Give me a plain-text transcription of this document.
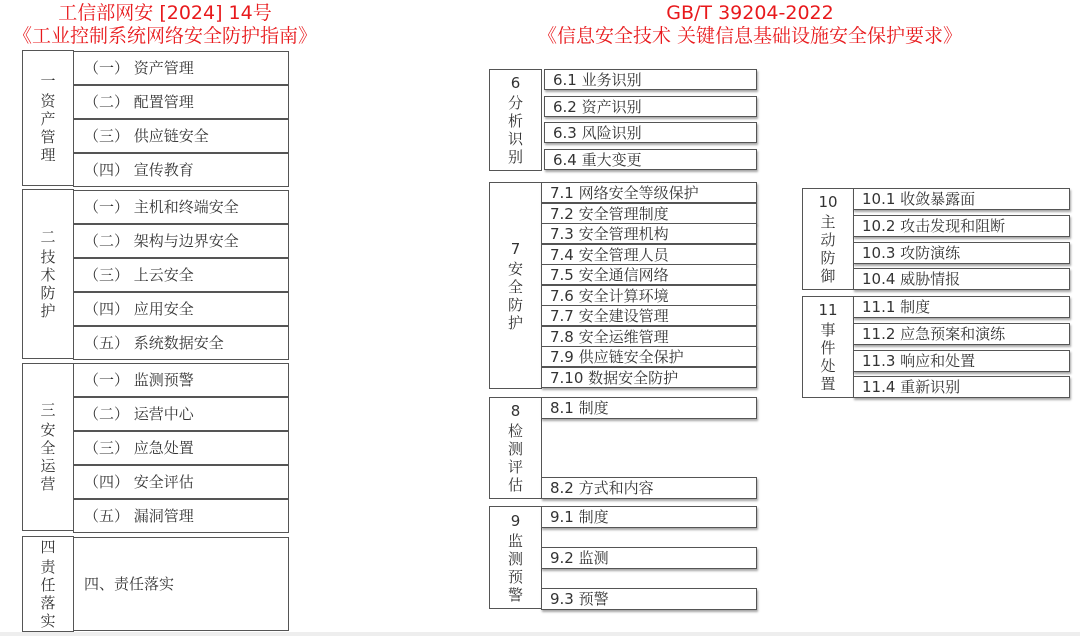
工信部网安 [2024] 14号
《工业控制系统网络安全防护指南》
GB/T 39204-2022
《信息安全技术 关键信息基础设施安全保护要求》
一
资
产
管
理
（一） 资产管理
（二） 配置管理
（三） 供应链安全
（四） 宣传教育
二
技
术
防
护
（一） 主机和终端安全
（二） 架构与边界安全
（三） 上云安全
（四） 应用安全
（五） 系统数据安全
三
安
全
运
营
（一） 监测预警
（二） 运营中心
（三） 应急处置
（四） 安全评估
（五） 漏洞管理
四
责
任
落
实
四、责任落实
6
分
析
识
别
6.1 业务识别
6.2 资产识别
6.3 风险识别
6.4 重大变更
7
安
全
防
护
7.1 网络安全等级保护
7.2 安全管理制度
7.3 安全管理机构
7.4 安全管理人员
7.5 安全通信网络
7.6 安全计算环境
7.7 安全建设管理
7.8 安全运维管理
7.9 供应链安全保护
7.10 数据安全防护
8
检
测
评
估
8.1 制度
8.2 方式和内容
9
监
测
预
警
9.1 制度
9.2 监测
9.3 预警
10
主
动
防
御
10.1 收敛暴露面
10.2 攻击发现和阻断
10.3 攻防演练
10.4 威胁情报
11
事
件
处
置
11.1 制度
11.2 应急预案和演练
11.3 响应和处置
11.4 重新识别
